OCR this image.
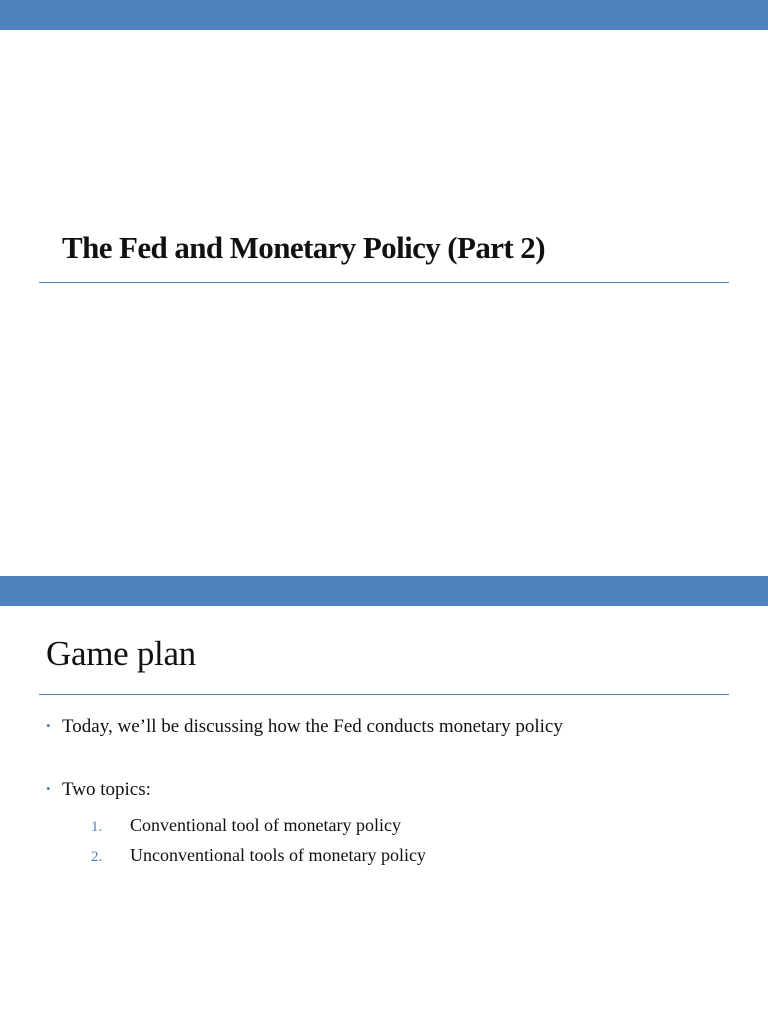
The Fed and Monetary Policy (Part 2)
Game plan
• Today, we’ll be discussing how the Fed conducts monetary policy
• Two topics:
1. Conventional tool of monetary policy
2. Unconventional tools of monetary policy
